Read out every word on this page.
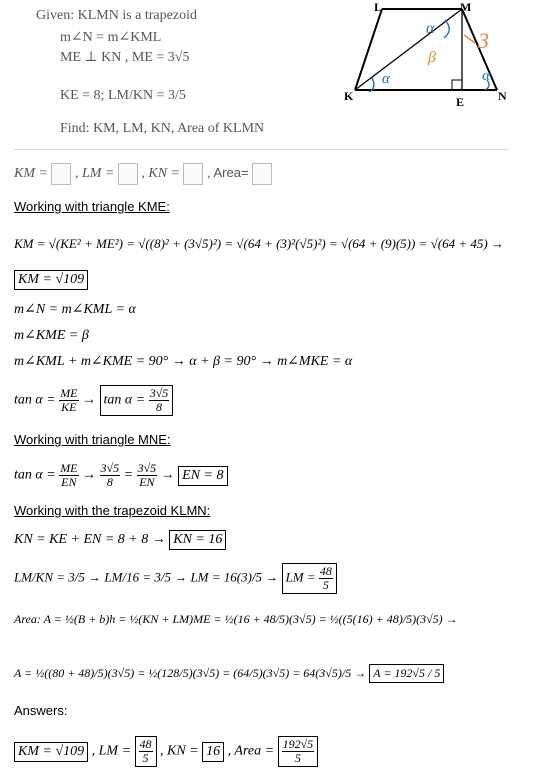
Given: KLMN is a trapezoid
m∠N = m∠KML
ME ⊥ KN , ME = 3√5
KE = 8; LM/KN = 3/5
Find: KM, LM, KN, Area of KLMN
L	M
K	E	N
α
α	α
β
3
KM = , LM = , KN = , Area=
Working with triangle KME:
KM = √(KE² + ME²) = √((8)² + (3√5)²) = √(64 + (3)²(√5)²) = √(64 + (9)(5)) = √(64 + 45) →
KM = √109
m∠N = m∠KML = α
m∠KME = β
m∠KML + m∠KME = 90° → α + β = 90° → m∠MKE = α
$\tan \alpha = \frac{ME}{KE} \to \tan \alpha = \frac{3√5}{8}$
Working with triangle MNE:
$\tan \alpha = \frac{ME}{EN} \to \frac{3√5}{8} = \frac{3√5}{EN}$ → EN = 8
Working with the trapezoid KLMN:
KN = KE + EN = 8 + 8 → KN = 16
LM/KN = 3/5 → LM/16 = 3/5 → LM = 16(3)/5 → LM = $\frac{48}{5}$
Area: A = ½(B + b)h = ½(KN + LM)ME = ½(16 + 48/5)(3√5) = ½((5(16) + 48)/5)(3√5) →
A = ½((80 + 48)/5)(3√5) = ½(128/5)(3√5) = (64/5)(3√5) = 64(3√5)/5 → A = 192√5 / 5
Answers:
KM = √109 , LM = $\frac{48}{5}$ , KN = 16 , Area = $\frac{192√5}{5}$
